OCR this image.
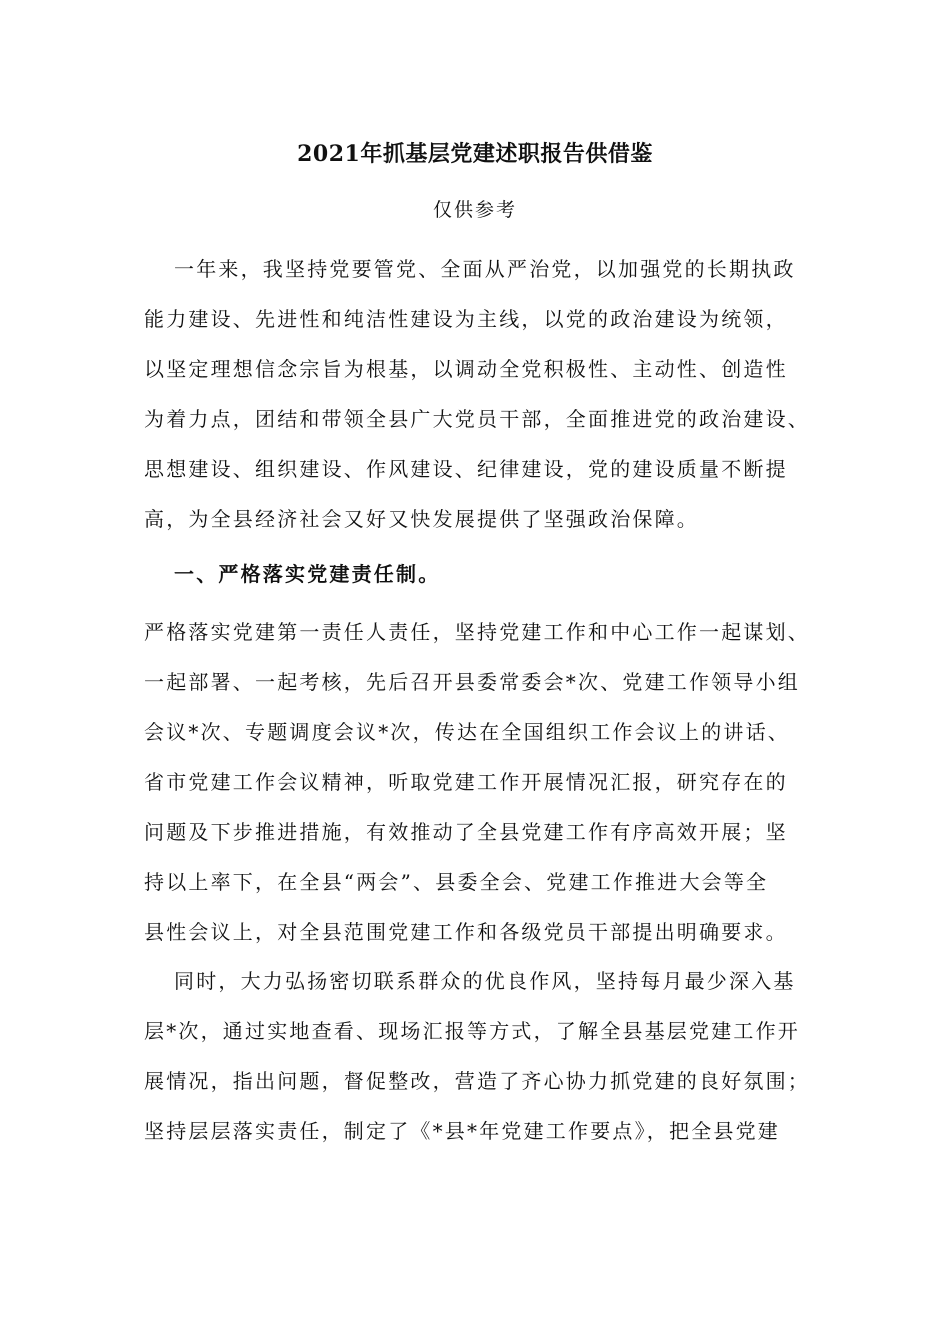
2021年抓基层党建述职报告供借鉴
仅供参考
一年来，我坚持党要管党、全面从严治党，以加强党的长期执政
能力建设、先进性和纯洁性建设为主线，以党的政治建设为统领，
以坚定理想信念宗旨为根基，以调动全党积极性、主动性、创造性
为着力点，团结和带领全县广大党员干部，全面推进党的政治建设、
思想建设、组织建设、作风建设、纪律建设，党的建设质量不断提
高，为全县经济社会又好又快发展提供了坚强政治保障。
一、严格落实党建责任制。
严格落实党建第一责任人责任，坚持党建工作和中心工作一起谋划、
一起部署、一起考核，先后召开县委常委会*次、党建工作领导小组
会议*次、专题调度会议*次，传达在全国组织工作会议上的讲话、
省市党建工作会议精神，听取党建工作开展情况汇报，研究存在的
问题及下步推进措施，有效推动了全县党建工作有序高效开展；坚
持以上率下，在全县“两会”、县委全会、党建工作推进大会等全
县性会议上，对全县范围党建工作和各级党员干部提出明确要求。
同时，大力弘扬密切联系群众的优良作风，坚持每月最少深入基
层*次，通过实地查看、现场汇报等方式，了解全县基层党建工作开
展情况，指出问题，督促整改，营造了齐心协力抓党建的良好氛围；
坚持层层落实责任，制定了《*县*年党建工作要点》，把全县党建
